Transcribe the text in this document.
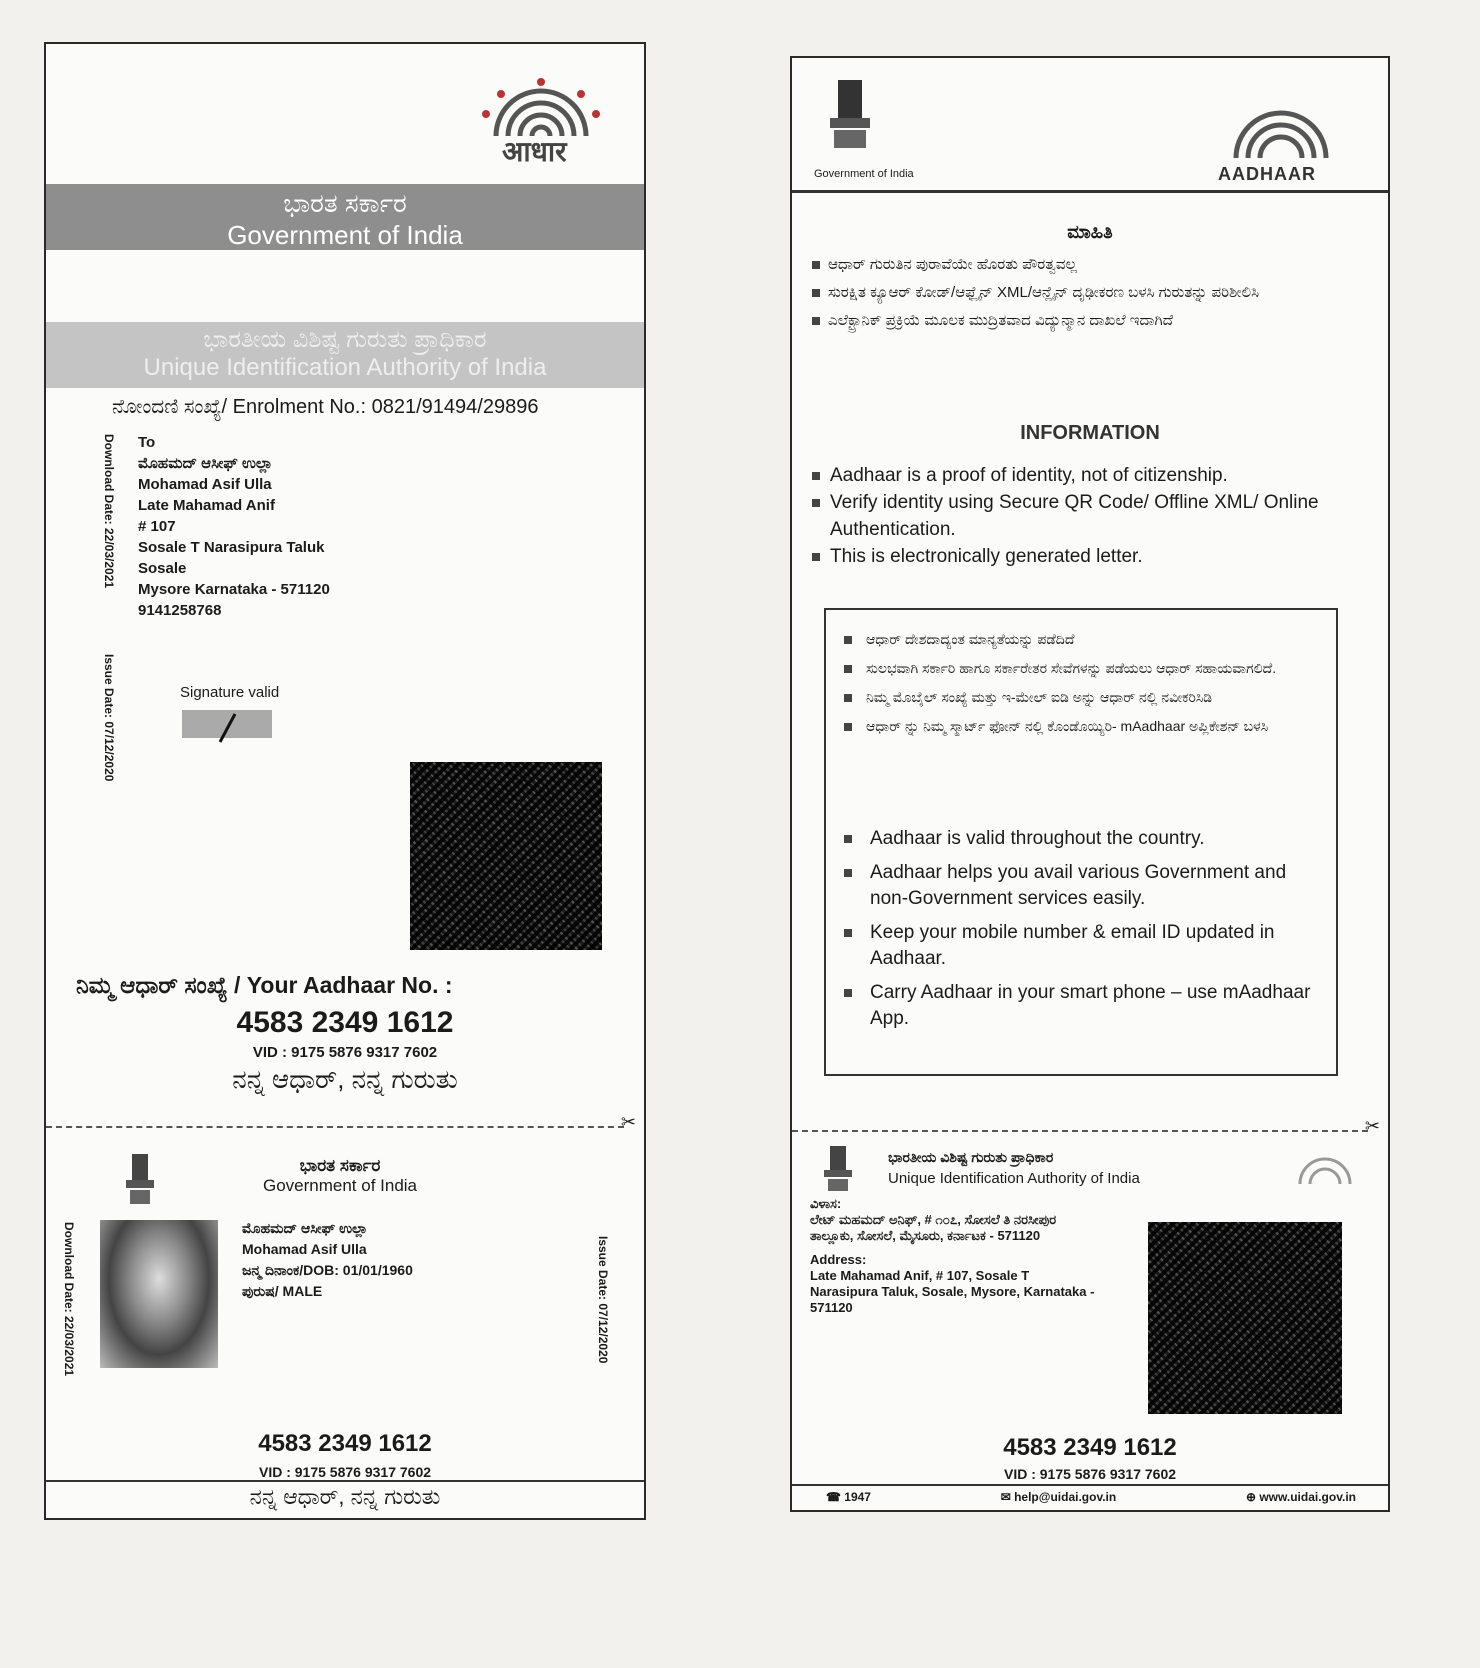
आधार
ಭಾರತ ಸರ್ಕಾರ
Government of India
ಭಾರತೀಯ ವಿಶಿಷ್ಟ ಗುರುತು ಪ್ರಾಧಿಕಾರ
Unique Identification Authority of India
ನೋಂದಣಿ ಸಂಖ್ಯೆ/ Enrolment No.: 0821/91494/29896
Download Date: 22/03/2021
Issue Date: 07/12/2020
To
ಮೊಹಮದ್ ಆಸೀಫ್ ಉಲ್ಲಾ
Mohamad Asif Ulla
Late Mahamad Anif
# 107
Sosale T Narasipura Taluk
Sosale
Mysore Karnataka - 571120
9141258768
Signature valid
ನಿಮ್ಮ ಆಧಾರ್ ಸಂಖ್ಯೆ / Your Aadhaar No. :
4583 2349 1612
VID : 9175 5876 9317 7602
ನನ್ನ ಆಧಾರ್, ನನ್ನ ಗುರುತು
✂
ಭಾರತ ಸರ್ಕಾರ
Government of India
Download Date: 22/03/2021	Issue Date: 07/12/2020
ಮೊಹಮದ್ ಆಸೀಫ್ ಉಲ್ಲಾ
Mohamad Asif Ulla
ಜನ್ಮ ದಿನಾಂಕ/DOB: 01/01/1960
ಪುರುಷ/ MALE
4583 2349 1612
VID : 9175 5876 9317 7602
ನನ್ನ ಆಧಾರ್, ನನ್ನ ಗುರುತು
Government of India	AADHAAR
ಮಾಹಿತಿ
ಆಧಾರ್ ಗುರುತಿನ ಪುರಾವೆಯೇ ಹೊರತು ಪೌರತ್ವವಲ್ಲ
ಸುರಕ್ಷಿತ ಕ್ಯೂಆರ್ ಕೋಡ್/ಆಫ್ಲೈನ್ XML/ಆನ್ಲೈನ್ ದೃಢೀಕರಣ ಬಳಸಿ ಗುರುತನ್ನು ಪರಿಶೀಲಿಸಿ
ಎಲೆಕ್ಟ್ರಾನಿಕ್ ಪ್ರಕ್ರಿಯೆ ಮೂಲಕ ಮುದ್ರಿತವಾದ ವಿದ್ಯುನ್ಮಾನ ದಾಖಲೆ ಇದಾಗಿದೆ
INFORMATION
Aadhaar is a proof of identity, not of citizenship.
Verify identity using Secure QR Code/ Offline XML/ Online Authentication.
This is electronically generated letter.
ಆಧಾರ್ ದೇಶದಾದ್ಯಂತ ಮಾನ್ಯತೆಯನ್ನು ಪಡೆದಿದೆ
ಸುಲಭವಾಗಿ ಸರ್ಕಾರಿ ಹಾಗೂ ಸರ್ಕಾರೇತರ ಸೇವೆಗಳನ್ನು ಪಡೆಯಲು ಆಧಾರ್ ಸಹಾಯವಾಗಲಿದೆ.
ನಿಮ್ಮ ಮೊಬೈಲ್ ಸಂಖ್ಯೆ ಮತ್ತು ಇ-ಮೇಲ್ ಐಡಿ ಅನ್ನು ಆಧಾರ್ ನಲ್ಲಿ ನವೀಕರಿಸಿಡಿ
ಆಧಾರ್ ನ್ನು ನಿಮ್ಮ ಸ್ಮಾರ್ಟ್ ಫೋನ್ ನಲ್ಲಿ ಕೊಂಡೊಯ್ಯಿರಿ- mAadhaar ಅಪ್ಲಿಕೇಶನ್ ಬಳಸಿ
Aadhaar is valid throughout the country.
Aadhaar helps you avail various Government and non-Government services easily.
Keep your mobile number & email ID updated in Aadhaar.
Carry Aadhaar in your smart phone – use mAadhaar App.
✂
ಭಾರತೀಯ ವಿಶಿಷ್ಟ ಗುರುತು ಪ್ರಾಧಿಕಾರ
Unique Identification Authority of India
ವಿಳಾಸ:
ಲೇಟ್ ಮಹಮದ್ ಅನಿಫ್, # ೧೦೭, ಸೋಸಲೆ ತಿ ನರಸೀಪುರ ತಾಲ್ಲೂಕು, ಸೋಸಲೆ, ಮೈಸೂರು, ಕರ್ನಾಟಕ - 571120
Address:
Late Mahamad Anif, # 107, Sosale T Narasipura Taluk, Sosale, Mysore, Karnataka - 571120
4583 2349 1612
VID : 9175 5876 9317 7602
☎ 1947	✉ help@uidai.gov.in	⊕ www.uidai.gov.in
